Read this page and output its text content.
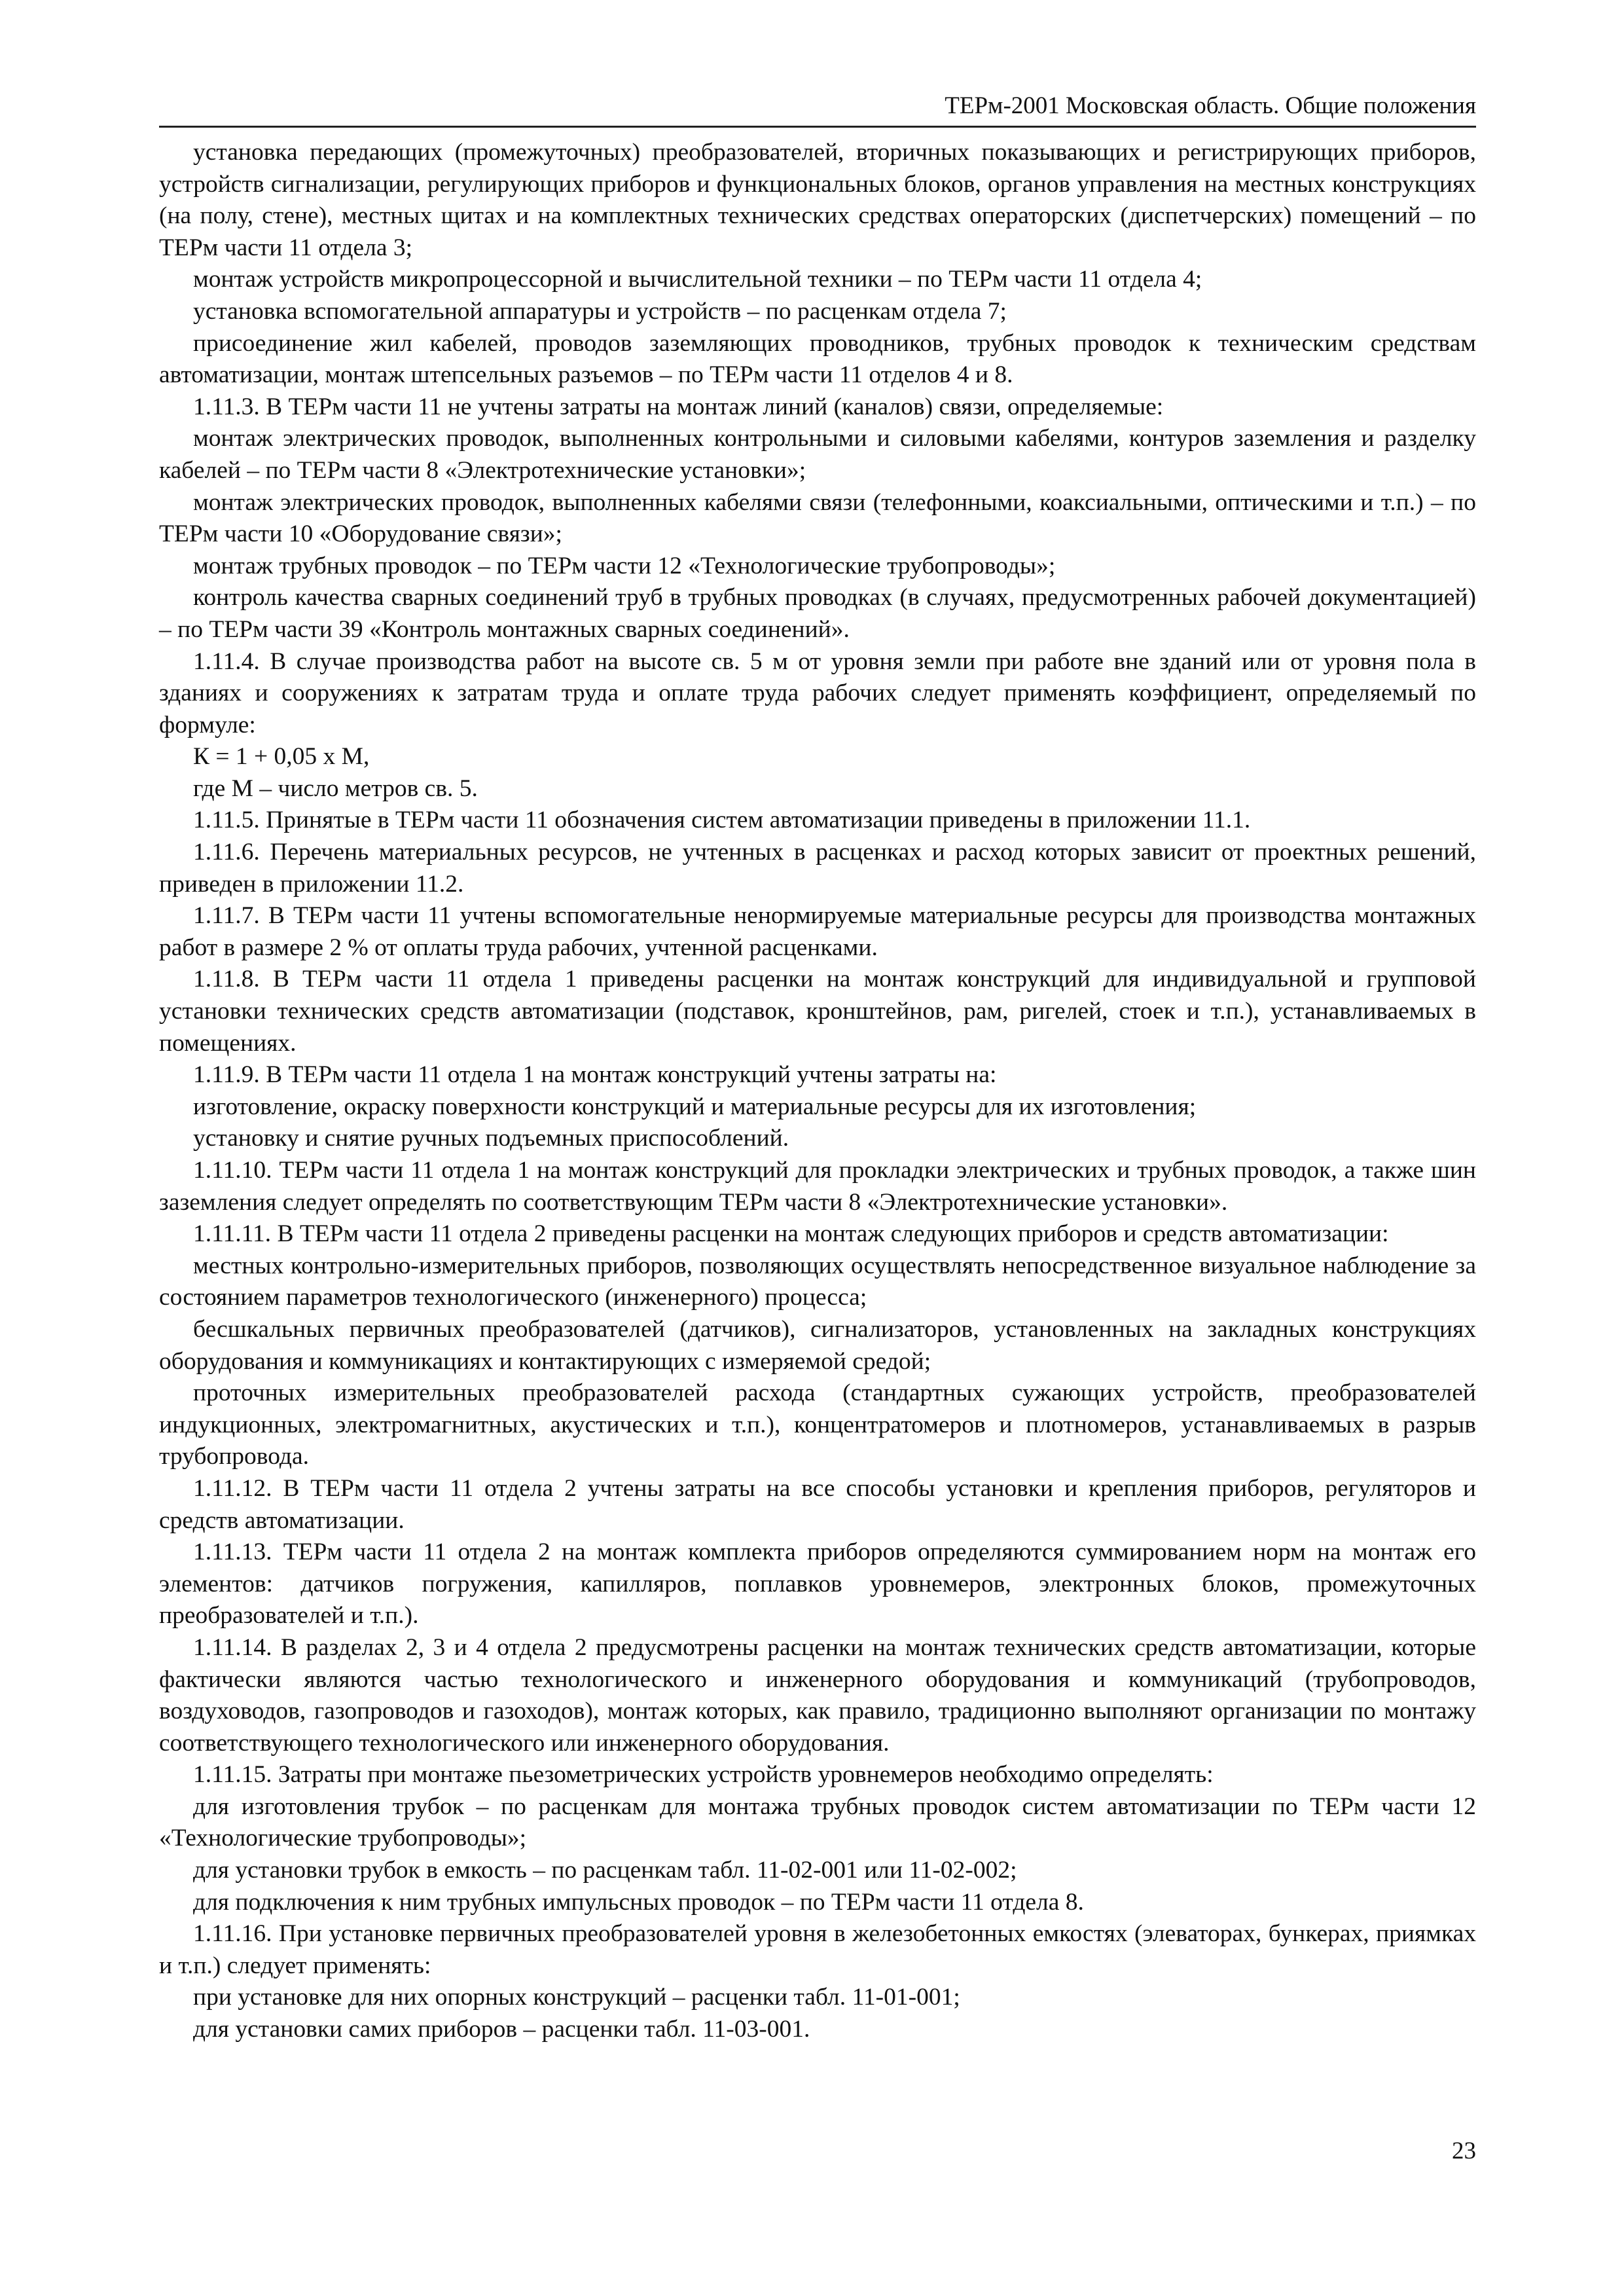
ТЕРм-2001 Московская область. Общие положения

установка передающих (промежуточных) преобразователей, вторичных показывающих и регистрирующих приборов, устройств сигнализации, регулирующих приборов и функциональных блоков, органов управления на местных конструкциях (на полу, стене), местных щитах и на комплектных технических средствах операторских (диспетчерских) помещений – по ТЕРм части 11 отдела 3;

монтаж устройств микропроцессорной и вычислительной техники – по ТЕРм части 11 отдела 4;

установка вспомогательной аппаратуры и устройств – по расценкам отдела 7;

присоединение жил кабелей, проводов заземляющих проводников, трубных проводок к техническим средствам автоматизации, монтаж штепсельных разъемов – по ТЕРм части 11 отделов 4 и 8.

1.11.3. В ТЕРм части 11 не учтены затраты на монтаж линий (каналов) связи, определяемые:

монтаж электрических проводок, выполненных контрольными и силовыми кабелями, контуров заземления и разделку кабелей – по ТЕРм части 8 «Электротехнические установки»;

монтаж электрических проводок, выполненных кабелями связи (телефонными, коаксиальными, оптическими и т.п.) – по ТЕРм части 10 «Оборудование связи»;

монтаж трубных проводок – по ТЕРм части 12 «Технологические трубопроводы»;

контроль качества сварных соединений труб в трубных проводках (в случаях, предусмотренных рабочей документацией) – по ТЕРм части 39 «Контроль монтажных сварных соединений».

1.11.4. В случае производства работ на высоте св. 5 м от уровня земли при работе вне зданий или от уровня пола в зданиях и сооружениях к затратам труда и оплате труда рабочих следует применять коэффициент, определяемый по формуле:

К = 1 + 0,05 х М,

где М – число метров св. 5.

1.11.5. Принятые в ТЕРм части 11 обозначения систем автоматизации приведены в приложении 11.1.

1.11.6. Перечень материальных ресурсов, не учтенных в расценках и расход которых зависит от проектных решений, приведен в приложении 11.2.

1.11.7. В ТЕРм части 11 учтены вспомогательные ненормируемые материальные ресурсы для производства монтажных работ в размере 2 % от оплаты труда рабочих, учтенной расценками.

1.11.8. В ТЕРм части 11 отдела 1 приведены расценки на монтаж конструкций для индивидуальной и групповой установки технических средств автоматизации (подставок, кронштейнов, рам, ригелей, стоек и т.п.), устанавливаемых в помещениях.

1.11.9. В ТЕРм части 11 отдела 1 на монтаж конструкций учтены затраты на:

изготовление, окраску поверхности конструкций и материальные ресурсы для их изготовления;

установку и снятие ручных подъемных приспособлений.

1.11.10. ТЕРм части 11 отдела 1 на монтаж конструкций для прокладки электрических и трубных проводок, а также шин заземления следует определять по соответствующим ТЕРм части 8 «Электротехнические установки».

1.11.11. В ТЕРм части 11 отдела 2 приведены расценки на монтаж следующих приборов и средств автоматизации:

местных контрольно-измерительных приборов, позволяющих осуществлять непосредственное визуальное наблюдение за состоянием параметров технологического (инженерного) процесса;

бесшкальных первичных преобразователей (датчиков), сигнализаторов, установленных на закладных конструкциях оборудования и коммуникациях и контактирующих с измеряемой средой;

проточных измерительных преобразователей расхода (стандартных сужающих устройств, преобразователей индукционных, электромагнитных, акустических и т.п.), концентратомеров и плотномеров, устанавливаемых в разрыв трубопровода.

1.11.12. В ТЕРм части 11 отдела 2 учтены затраты на все способы установки и крепления приборов, регуляторов и средств автоматизации.

1.11.13. ТЕРм части 11 отдела 2 на монтаж комплекта приборов определяются суммированием норм на монтаж его элементов: датчиков погружения, капилляров, поплавков уровнемеров, электронных блоков, промежуточных преобразователей и т.п.).

1.11.14. В разделах 2, 3 и 4 отдела 2 предусмотрены расценки на монтаж технических средств автоматизации, которые фактически являются частью технологического и инженерного оборудования и коммуникаций (трубопроводов, воздуховодов, газопроводов и газоходов), монтаж которых, как правило, традиционно выполняют организации по монтажу соответствующего технологического или инженерного оборудования.

1.11.15. Затраты при монтаже пьезометрических устройств уровнемеров необходимо определять:

для изготовления трубок – по расценкам для монтажа трубных проводок систем автоматизации по ТЕРм части 12 «Технологические трубопроводы»;

для установки трубок в емкость – по расценкам табл. 11-02-001 или 11-02-002;

для подключения к ним трубных импульсных проводок – по ТЕРм части 11 отдела 8.

1.11.16. При установке первичных преобразователей уровня в железобетонных емкостях (элеваторах, бункерах, приямках и т.п.) следует применять:

при установке для них опорных конструкций – расценки табл. 11-01-001;

для установки самих приборов – расценки табл. 11-03-001.

23
